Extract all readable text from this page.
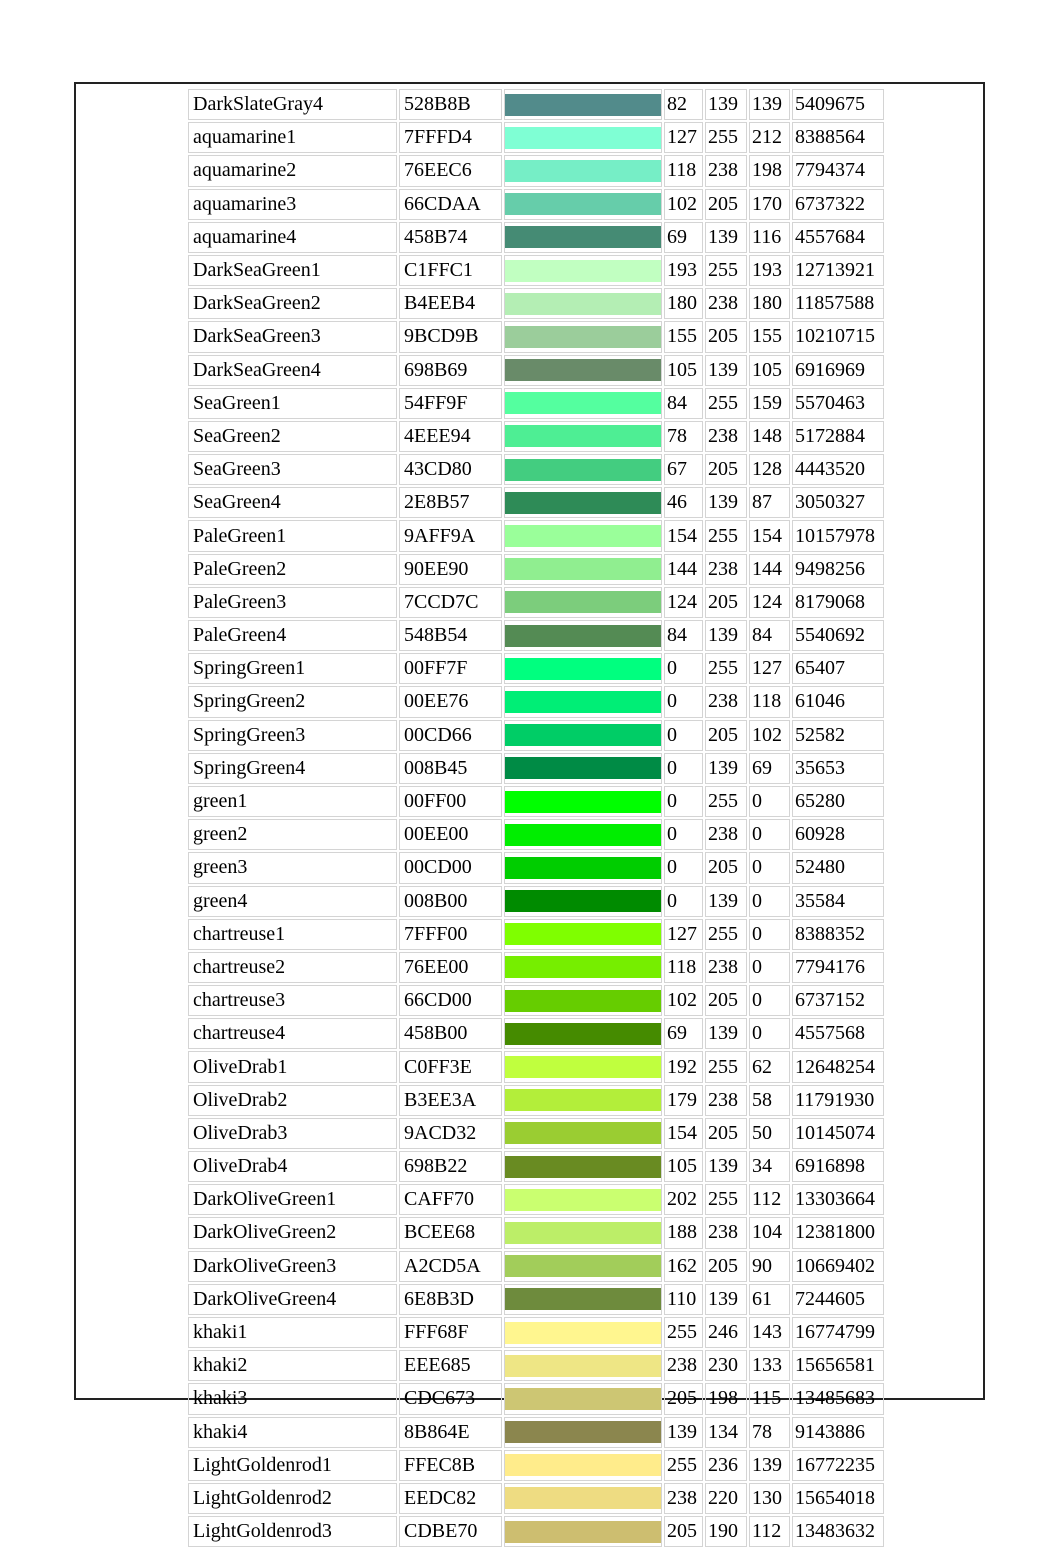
DarkSlateGray4	528B8B		82	139	139	5409675
aquamarine1	7FFFD4		127	255	212	8388564
aquamarine2	76EEC6		118	238	198	7794374
aquamarine3	66CDAA		102	205	170	6737322
aquamarine4	458B74		69	139	116	4557684
DarkSeaGreen1	C1FFC1		193	255	193	12713921
DarkSeaGreen2	B4EEB4		180	238	180	11857588
DarkSeaGreen3	9BCD9B		155	205	155	10210715
DarkSeaGreen4	698B69		105	139	105	6916969
SeaGreen1	54FF9F		84	255	159	5570463
SeaGreen2	4EEE94		78	238	148	5172884
SeaGreen3	43CD80		67	205	128	4443520
SeaGreen4	2E8B57		46	139	87	3050327
PaleGreen1	9AFF9A		154	255	154	10157978
PaleGreen2	90EE90		144	238	144	9498256
PaleGreen3	7CCD7C		124	205	124	8179068
PaleGreen4	548B54		84	139	84	5540692
SpringGreen1	00FF7F		0	255	127	65407
SpringGreen2	00EE76		0	238	118	61046
SpringGreen3	00CD66		0	205	102	52582
SpringGreen4	008B45		0	139	69	35653
green1	00FF00		0	255	0	65280
green2	00EE00		0	238	0	60928
green3	00CD00		0	205	0	52480
green4	008B00		0	139	0	35584
chartreuse1	7FFF00		127	255	0	8388352
chartreuse2	76EE00		118	238	0	7794176
chartreuse3	66CD00		102	205	0	6737152
chartreuse4	458B00		69	139	0	4557568
OliveDrab1	C0FF3E		192	255	62	12648254
OliveDrab2	B3EE3A		179	238	58	11791930
OliveDrab3	9ACD32		154	205	50	10145074
OliveDrab4	698B22		105	139	34	6916898
DarkOliveGreen1	CAFF70		202	255	112	13303664
DarkOliveGreen2	BCEE68		188	238	104	12381800
DarkOliveGreen3	A2CD5A		162	205	90	10669402
DarkOliveGreen4	6E8B3D		110	139	61	7244605
khaki1	FFF68F		255	246	143	16774799
khaki2	EEE685		238	230	133	15656581
khaki3	CDC673		205	198	115	13485683
khaki4	8B864E		139	134	78	9143886
LightGoldenrod1	FFEC8B		255	236	139	16772235
LightGoldenrod2	EEDC82		238	220	130	15654018
LightGoldenrod3	CDBE70		205	190	112	13483632
